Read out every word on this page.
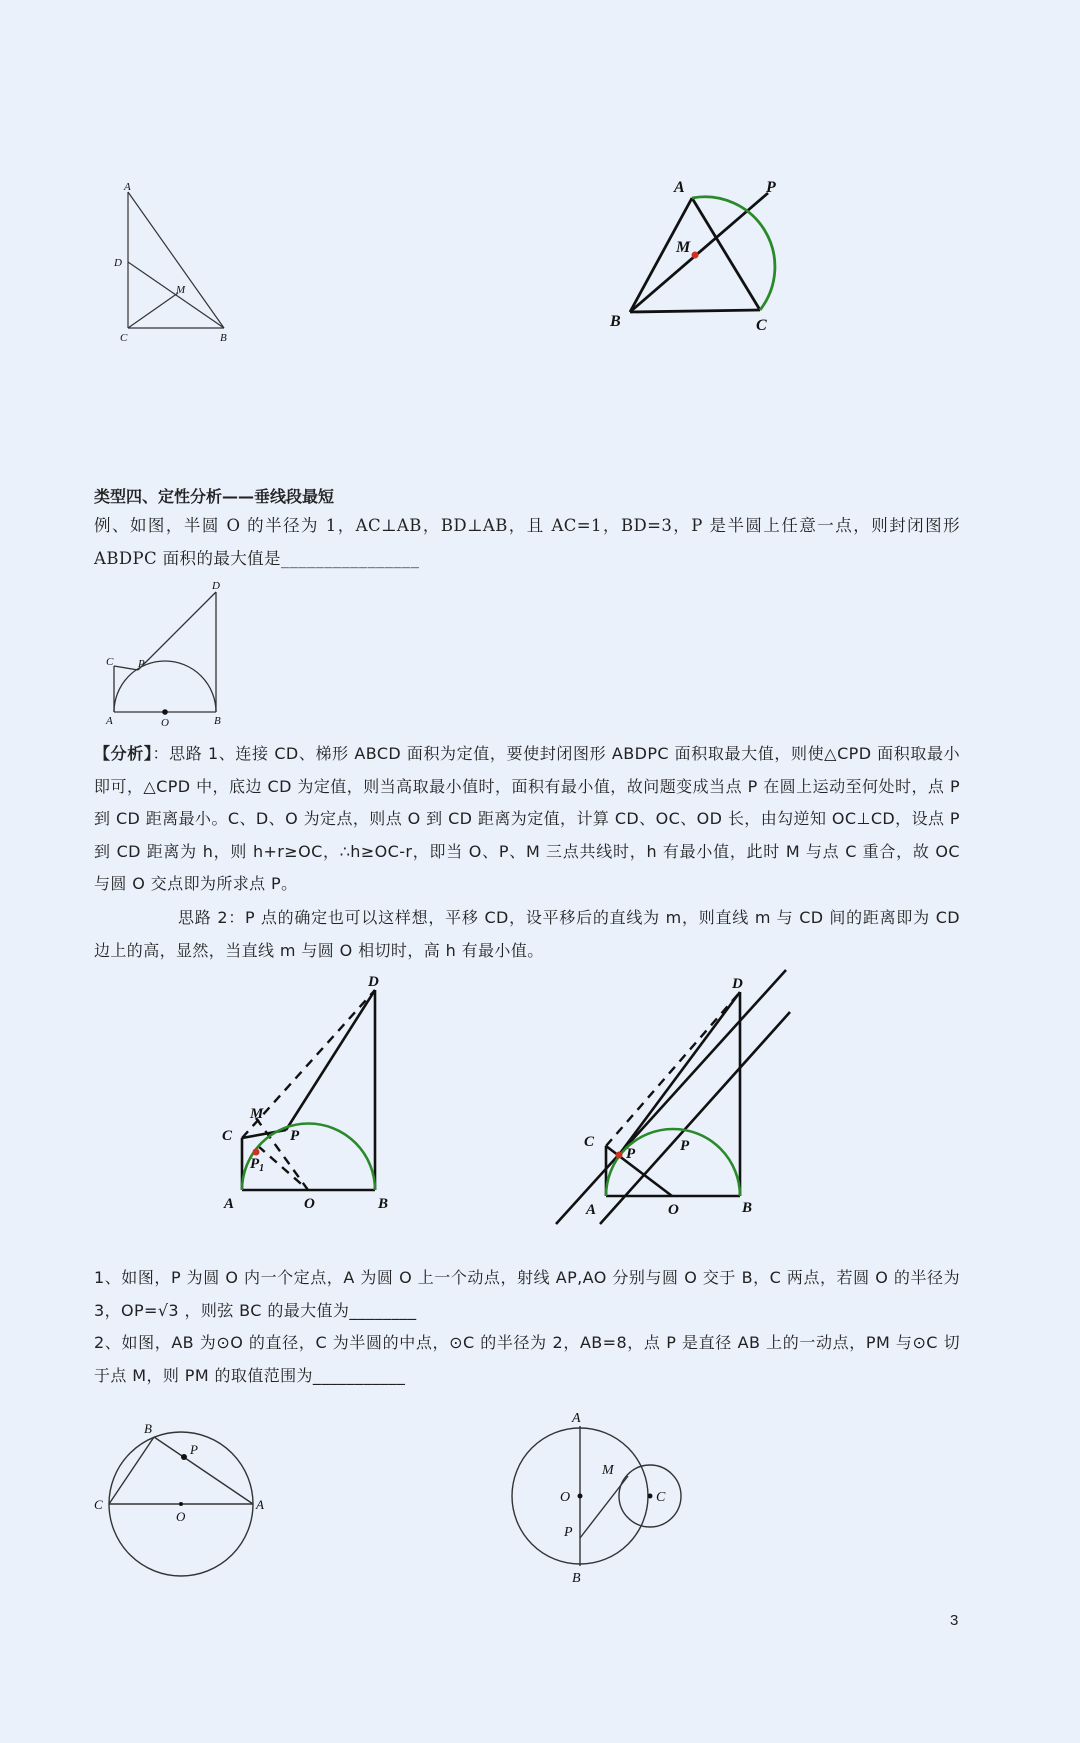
A
D
M
C	B
A	P
M
B	C
类型四、定性分析——垂线段最短
例、如图，半圆 O 的半径为 1，AC⊥AB，BD⊥AB，且 AC=1，BD=3，P 是半圆上任意一点，则封闭图形 ABDPC 面积的最大值是________________
D
C P
A	O	B
【分析】：思路 1、连接 CD、梯形 ABCD 面积为定值，要使封闭图形 ABDPC 面积取最大值，则使△CPD 面积取最小即可，△CPD 中，底边 CD 为定值，则当高取最小值时，面积有最小值，故问题变成当点 P 在圆上运动至何处时，点 P 到 CD 距离最小。C、D、O 为定点，则点 O 到 CD 距离为定值，计算 CD、OC、OD 长，由勾逆知 OC⊥CD，设点 P 到 CD 距离为 h，则 h+r≥OC，∴h≥OC-r，即当 O、P、M 三点共线时，h 有最小值，此时 M 与点 C 重合，故 OC 与圆 O 交点即为所求点 P。
思路 2：P 点的确定也可以这样想，平移 CD，设平移后的直线为 m，则直线 m 与 CD 间的距离即为 CD 边上的高，显然，当直线 m 与圆 O 相切时，高 h 有最小值。
D
M
C	P
$P_1$
A	O	B
D
C
P	P
A	O	B
1、如图，P 为圆 O 内一个定点，A 为圆 O 上一个动点，射线 AP,AO 分别与圆 O 交于 B，C 两点，若圆 O 的半径为 3，OP=√3 ，则弦 BC 的最大值为________
2、如图，AB 为⊙O 的直径，C 为半圆的中点，⊙C 的半径为 2，AB=8，点 P 是直径 AB 上的一动点，PM 与⊙C 切于点 M，则 PM 的取值范围为___________
B
P
C
O
A
A
M
C
O
P
B
3
